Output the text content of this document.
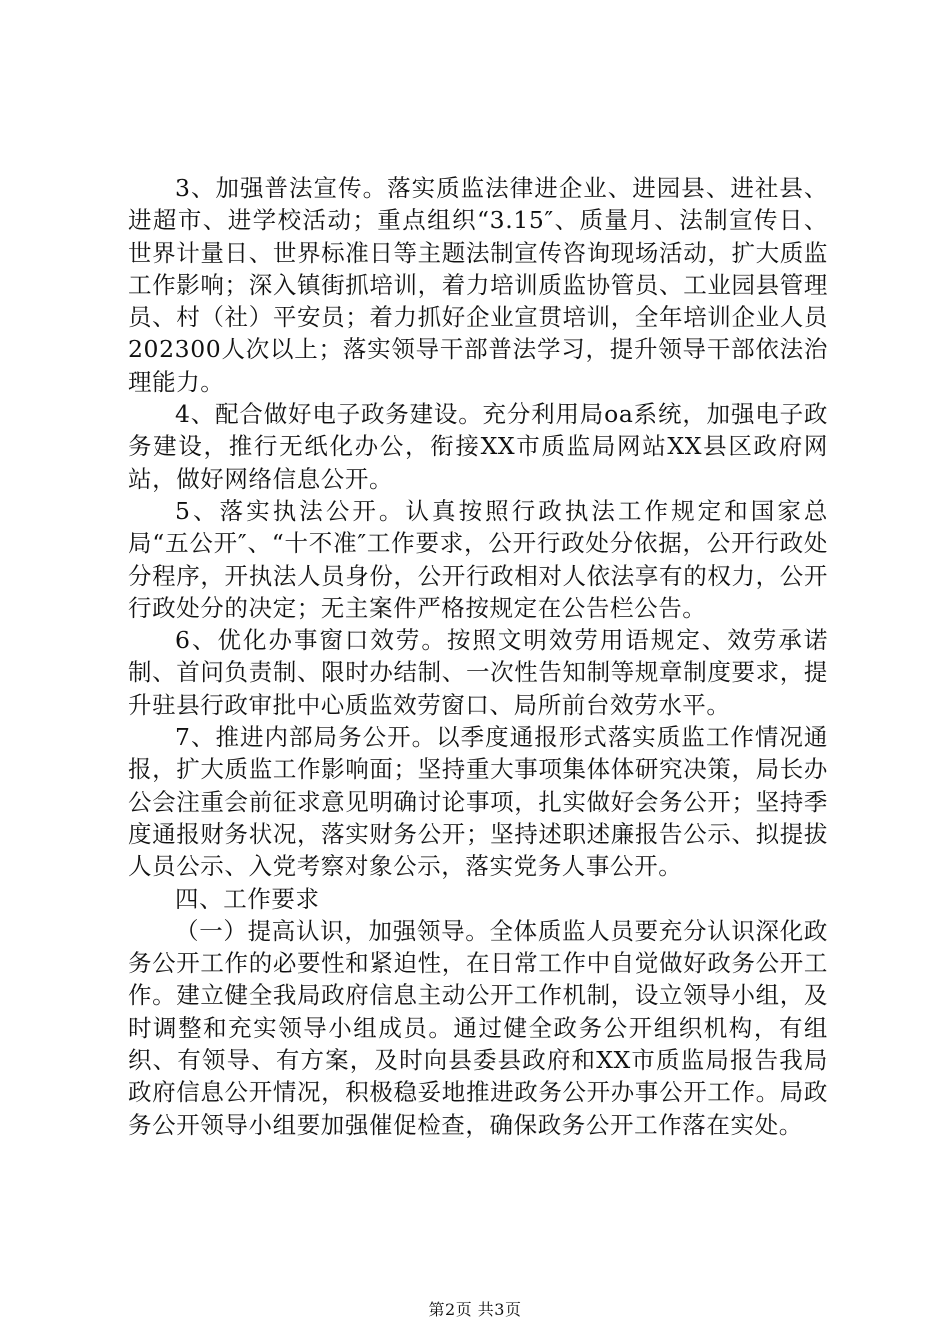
3、加强普法宣传。落实质监法律进企业、进园县、进社县、进超市、进学校活动；重点组织“3.15″、质量月、法制宣传日、世界计量日、世界标准日等主题法制宣传咨询现场活动，扩大质监工作影响；深入镇街抓培训，着力培训质监协管员、工业园县管理员、村（社）平安员；着力抓好企业宣贯培训，全年培训企业人员202300人次以上；落实领导干部普法学习，提升领导干部依法治理能力。

4、配合做好电子政务建设。充分利用局oa系统，加强电子政务建设，推行无纸化办公，衔接XX市质监局网站XX县区政府网站，做好网络信息公开。

5、落实执法公开。认真按照行政执法工作规定和国家总局“五公开″、“十不准″工作要求，公开行政处分依据，公开行政处分程序，开执法人员身份，公开行政相对人依法享有的权力，公开行政处分的决定；无主案件严格按规定在公告栏公告。

6、优化办事窗口效劳。按照文明效劳用语规定、效劳承诺制、首问负责制、限时办结制、一次性告知制等规章制度要求，提升驻县行政审批中心质监效劳窗口、局所前台效劳水平。

7、推进内部局务公开。以季度通报形式落实质监工作情况通报，扩大质监工作影响面；坚持重大事项集体体研究决策，局长办公会注重会前征求意见明确讨论事项，扎实做好会务公开；坚持季度通报财务状况，落实财务公开；坚持述职述廉报告公示、拟提拔人员公示、入党考察对象公示，落实党务人事公开。

四、工作要求

（一）提高认识，加强领导。全体质监人员要充分认识深化政务公开工作的必要性和紧迫性，在日常工作中自觉做好政务公开工作。建立健全我局政府信息主动公开工作机制，设立领导小组，及时调整和充实领导小组成员。通过健全政务公开组织机构，有组织、有领导、有方案，及时向县委县政府和XX市质监局报告我局政府信息公开情况，积极稳妥地推进政务公开办事公开工作。局政务公开领导小组要加强催促检查，确保政务公开工作落在实处。

第2页 共3页
